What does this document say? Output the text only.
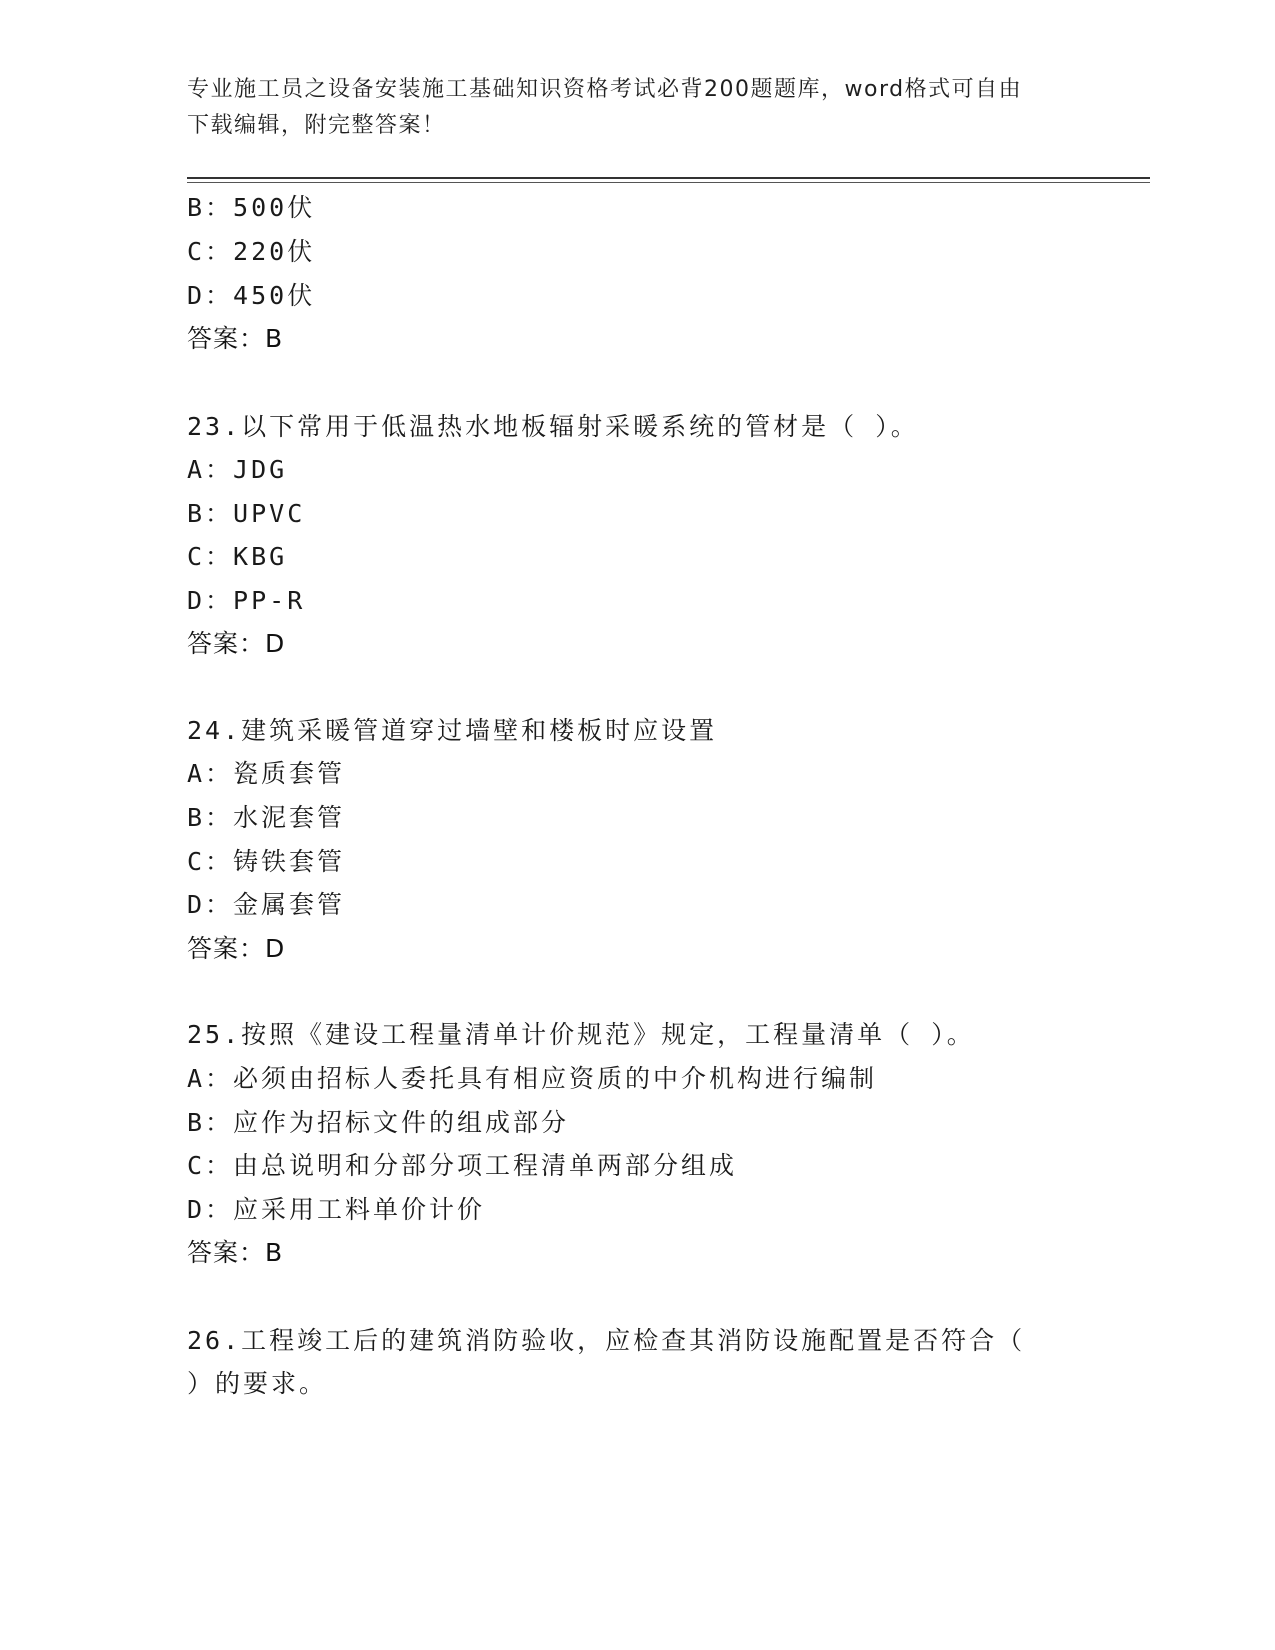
专业施工员之设备安装施工基础知识资格考试必背200题题库，word格式可自由
下载编辑，附完整答案！
B：500伏
C：220伏
D：450伏
答案：B
23.以下常用于低温热水地板辐射采暖系统的管材是（ ）。
A：JDG
B：UPVC
C：KBG
D：PP-R
答案：D
24.建筑采暖管道穿过墙壁和楼板时应设置
A：瓷质套管
B：水泥套管
C：铸铁套管
D：金属套管
答案：D
25.按照《建设工程量清单计价规范》规定，工程量清单（ ）。
A：必须由招标人委托具有相应资质的中介机构进行编制
B：应作为招标文件的组成部分
C：由总说明和分部分项工程清单两部分组成
D：应采用工料单价计价
答案：B
26.工程竣工后的建筑消防验收，应检查其消防设施配置是否符合（
）的要求。
